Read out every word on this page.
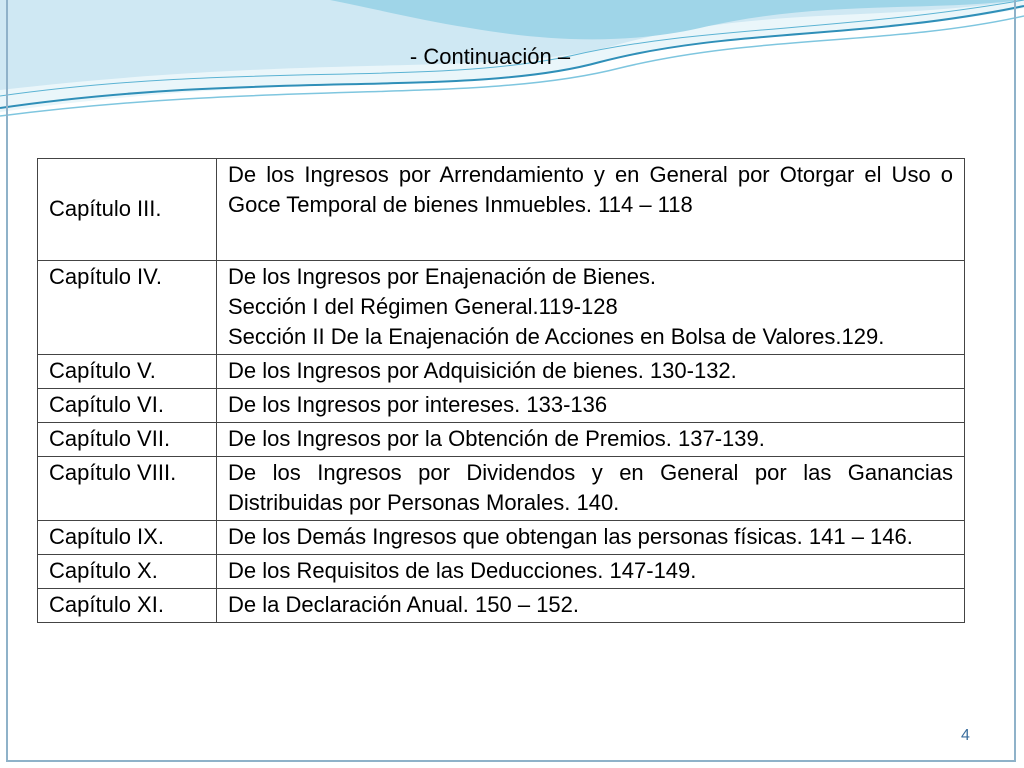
- Continuación –
Capítulo III.	De los Ingresos por Arrendamiento y en General por Otorgar el Uso o Goce Temporal de bienes Inmuebles. 114 – 118

Capítulo IV.	De los Ingresos por Enajenación de Bienes.
Sección I del Régimen General.119-128
Sección II De la Enajenación de Acciones en Bolsa de Valores.129.

Capítulo V.	De los Ingresos por Adquisición de bienes. 130-132.

Capítulo VI.	De los Ingresos por intereses. 133-136

Capítulo VII.	De los Ingresos por la Obtención de Premios. 137-139.

Capítulo VIII.	De los Ingresos por Dividendos y en General por las Ganancias Distribuidas por Personas Morales. 140.

Capítulo IX.	De los Demás Ingresos que obtengan las personas físicas. 141 – 146.

Capítulo X.	De los Requisitos de las Deducciones. 147-149.

Capítulo XI.	De la Declaración Anual. 150 – 152.
4
